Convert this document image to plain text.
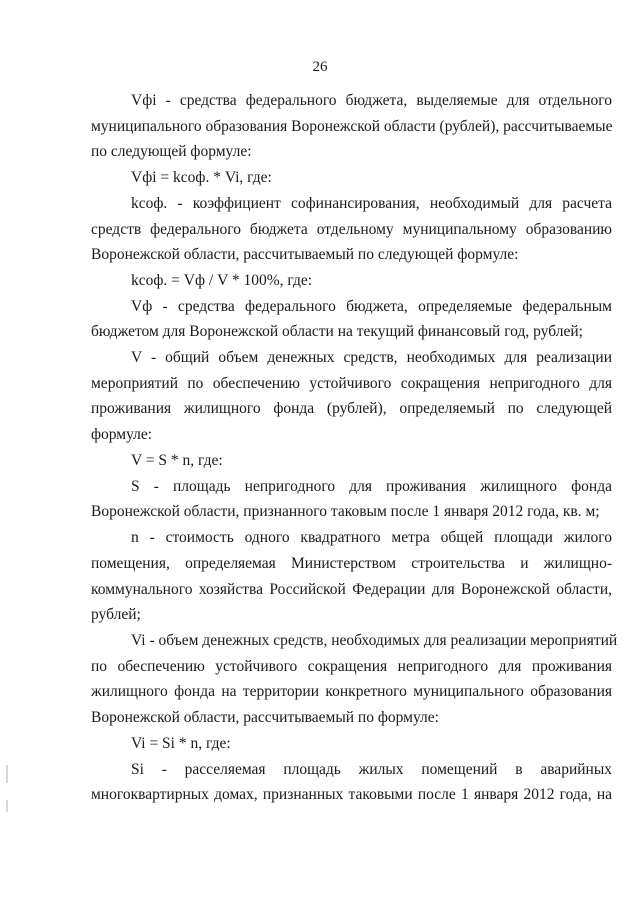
26
Vфi - средства федерального бюджета, выделяемые для отдельного
муниципального образования Воронежской области (рублей), рассчитываемые
по следующей формуле:
Vфi = kсоф. * Vi, где:
kсоф. - коэффициент софинансирования, необходимый для расчета
средств федерального бюджета отдельному муниципальному образованию
Воронежской области, рассчитываемый по следующей формуле:
kсоф. = Vф / V * 100%, где:
Vф - средства федерального бюджета, определяемые федеральным
бюджетом для Воронежской области на текущий финансовый год, рублей;
V - общий объем денежных средств, необходимых для реализации
мероприятий по обеспечению устойчивого сокращения непригодного для
проживания жилищного фонда (рублей), определяемый по следующей
формуле:
V = S * n, где:
S - площадь непригодного для проживания жилищного фонда
Воронежской области, признанного таковым после 1 января 2012 года, кв. м;
n - стоимость одного квадратного метра общей площади жилого
помещения, определяемая Министерством строительства и жилищно-
коммунального хозяйства Российской Федерации для Воронежской области,
рублей;
Vi - объем денежных средств, необходимых для реализации мероприятий
по обеспечению устойчивого сокращения непригодного для проживания
жилищного фонда на территории конкретного муниципального образования
Воронежской области, рассчитываемый по формуле:
Vi = Si * n, где:
Si - расселяемая площадь жилых помещений в аварийных
многоквартирных домах, признанных таковыми после 1 января 2012 года, на
